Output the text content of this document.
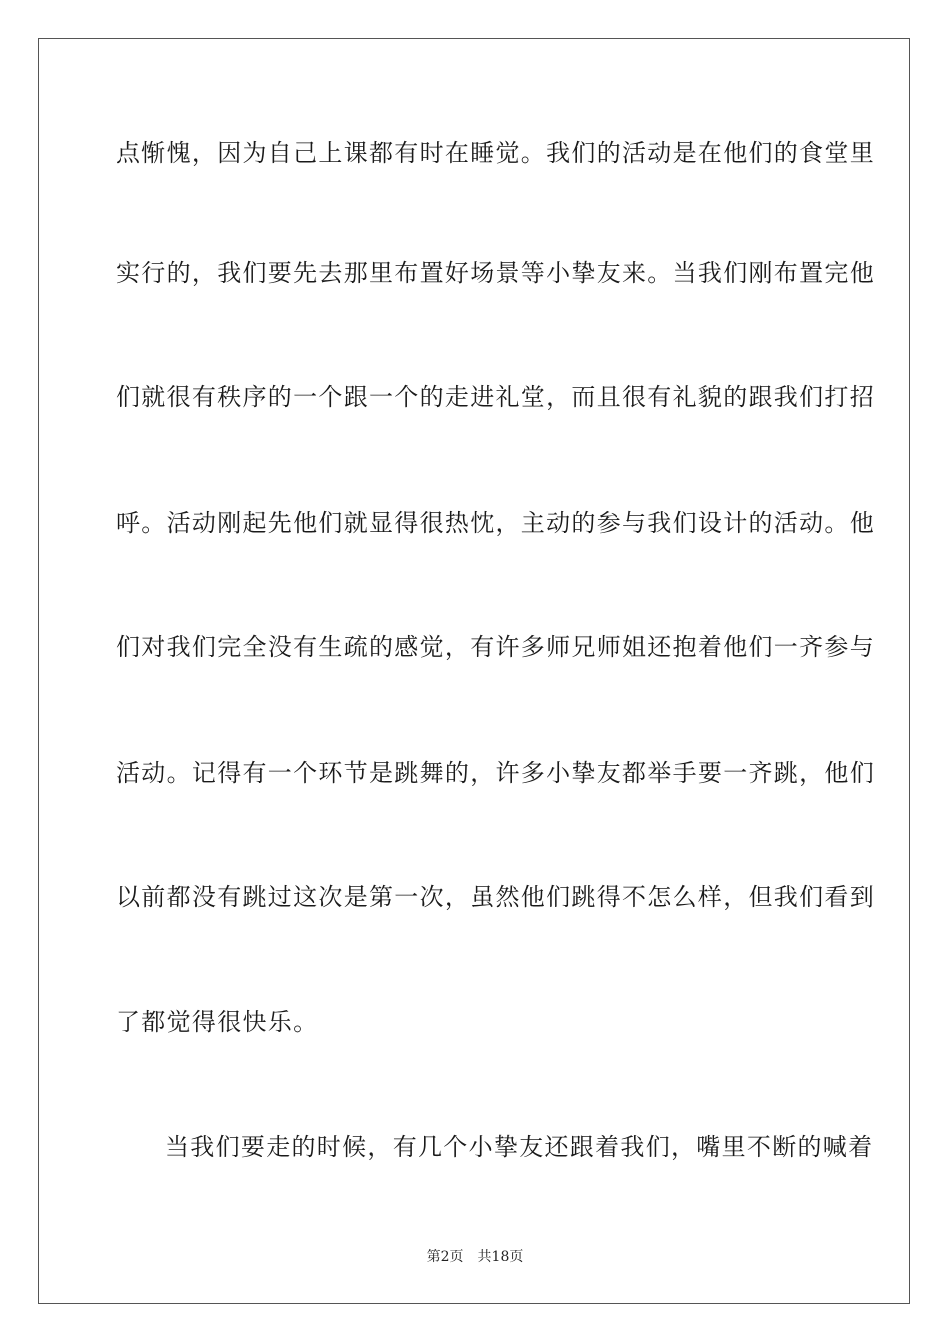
点惭愧，因为自己上课都有时在睡觉。我们的活动是在他们的食堂里
实行的，我们要先去那里布置好场景等小挚友来。当我们刚布置完他
们就很有秩序的一个跟一个的走进礼堂，而且很有礼貌的跟我们打招
呼。活动刚起先他们就显得很热忱，主动的参与我们设计的活动。他
们对我们完全没有生疏的感觉，有许多师兄师姐还抱着他们一齐参与
活动。记得有一个环节是跳舞的，许多小挚友都举手要一齐跳，他们
以前都没有跳过这次是第一次，虽然他们跳得不怎么样，但我们看到
了都觉得很快乐。
当我们要走的时候，有几个小挚友还跟着我们，嘴里不断的喊着
第2页 共18页
